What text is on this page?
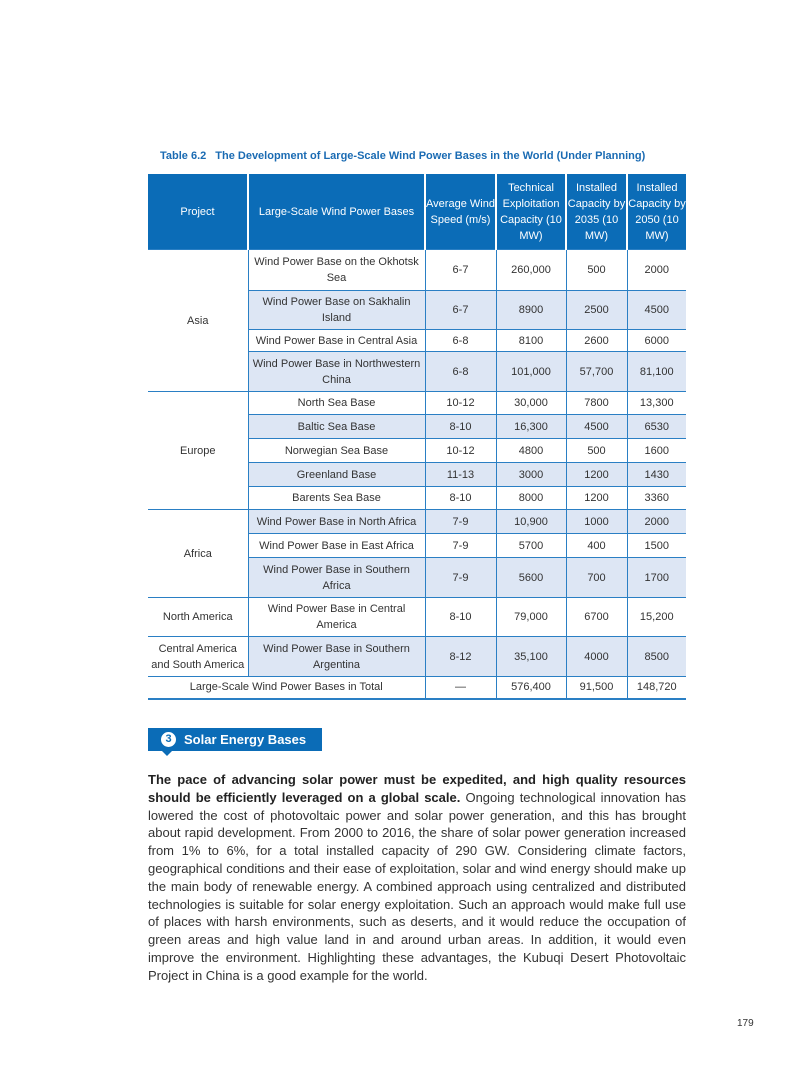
Table 6.2 The Development of Large-Scale Wind Power Bases in the World (Under Planning)
Project	Large-Scale Wind Power Bases	Average Wind Speed (m/s)	Technical Exploitation Capacity (10 MW)	Installed Capacity by 2035 (10 MW)	Installed Capacity by 2050 (10 MW)
Asia	Wind Power Base on the Okhotsk Sea	6-7	260,000	500	2000
	Wind Power Base on Sakhalin Island	6-7	8900	2500	4500
	Wind Power Base in Central Asia	6-8	8100	2600	6000
	Wind Power Base in Northwestern China	6-8	101,000	57,700	81,100
Europe	North Sea Base	10-12	30,000	7800	13,300
	Baltic Sea Base	8-10	16,300	4500	6530
	Norwegian Sea Base	10-12	4800	500	1600
	Greenland Base	11-13	3000	1200	1430
	Barents Sea Base	8-10	8000	1200	3360
Africa	Wind Power Base in North Africa	7-9	10,900	1000	2000
	Wind Power Base in East Africa	7-9	5700	400	1500
	Wind Power Base in Southern Africa	7-9	5600	700	1700
North America	Wind Power Base in Central America	8-10	79,000	6700	15,200
Central America and South America	Wind Power Base in Southern Argentina	8-12	35,100	4000	8500
Large-Scale Wind Power Bases in Total		—	576,400	91,500	148,720
3 Solar Energy Bases
The pace of advancing solar power must be expedited, and high quality resources should be efficiently leveraged on a global scale. Ongoing technological innovation has lowered the cost of photovoltaic power and solar power generation, and this has brought about rapid development. From 2000 to 2016, the share of solar power generation increased from 1% to 6%, for a total installed capacity of 290 GW. Considering climate factors, geographical conditions and their ease of exploitation, solar and wind energy should make up the main body of renewable energy. A combined approach using centralized and distributed technologies is suitable for solar energy exploitation. Such an approach would make full use of places with harsh environments, such as deserts, and it would reduce the occupation of green areas and high value land in and around urban areas. In addition, it would even improve the environment. Highlighting these advantages, the Kubuqi Desert Photovoltaic Project in China is a good example for the world.
179
